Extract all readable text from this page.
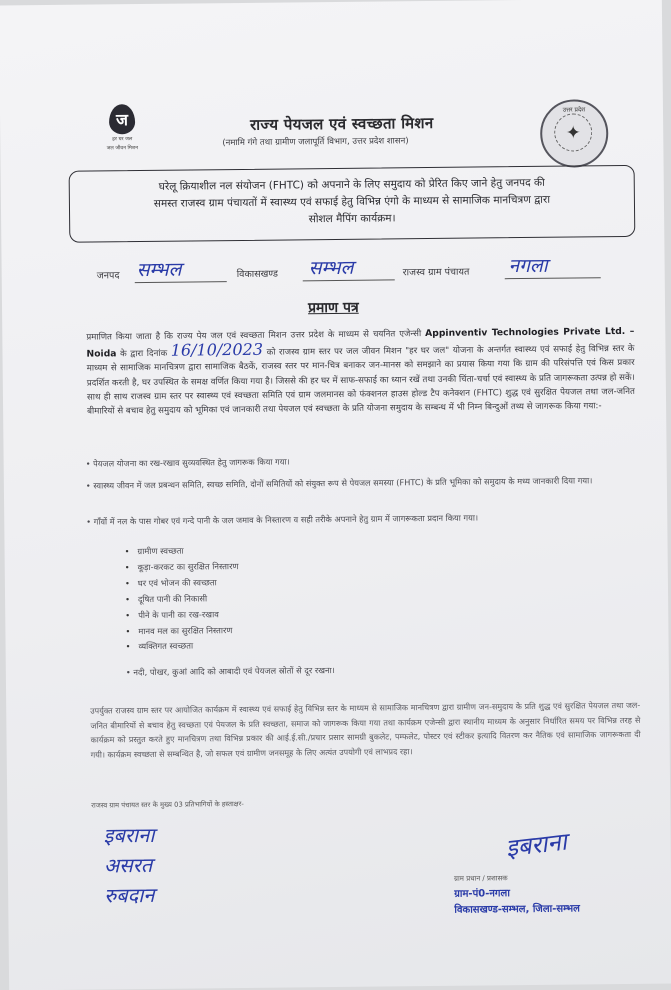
ज
हर घर जल
जल जीवन मिशन
राज्य पेयजल एवं स्वच्छता मिशन
(नमामि गंगे तथा ग्रामीण जलापूर्ति विभाग, उत्तर प्रदेश शासन)
उत्तर प्रदेश
✦
घरेलू क्रियाशील नल संयोजन (FHTC) को अपनाने के लिए समुदाय को प्रेरित किए जाने हेतु जनपद की
समस्त राजस्व ग्राम पंचायतों में स्वास्थ्य एवं सफाई हेतु विभिन्न एंगो के माध्यम से सामाजिक मानचित्रण द्वारा
सोशल मैपिंग कार्यक्रम।
जनपद सम्भल	विकासखण्ड सम्भल	राजस्व ग्राम पंचायत नगला
प्रमाण पत्र
प्रमाणित किया जाता है कि राज्य पेय जल एवं स्वच्छता मिशन उत्तर प्रदेश के माध्यम से चयनित एजेन्सी Appinventiv Technologies Private Ltd. – Noida के द्वारा दिनांक 16/10/2023 को राजस्व ग्राम स्तर पर जल जीवन मिशन "हर घर जल" योजना के अन्तर्गत स्वास्थ्य एवं सफाई हेतु विभिन्न स्तर के माध्यम से सामाजिक मानचित्रण द्वारा सामाजिक बैठकें, राजस्व स्तर पर मान-चित्र बनाकर जन-मानस को समझाने का प्रयास किया गया कि ग्राम की परिसंपत्ति एवं किस प्रकार प्रदर्शित करती है, घर उपस्थित के समक्ष वर्णित किया गया है। जिससे की हर घर में साफ-सफाई का ध्यान रखें तथा उनकी चिंता-चर्चा एवं स्वास्थ्य के प्रति जागरूकता उत्पन्न हो सकें। साथ ही साथ राजस्व ग्राम स्तर पर स्वास्थ्य एवं स्वच्छता समिति एवं ग्राम जलमानस को फंक्शनल हाउस होल्ड टैप कनेक्शन (FHTC) शुद्ध एवं सुरक्षित पेयजल तथा जल-जनित बीमारियों से बचाव हेतु समुदाय को भूमिका एवं जानकारी तथा पेयजल एवं स्वच्छता के प्रति योजना समुदाय के सम्बन्ध में भी निम्न बिन्दुओं तथ्य से जागरूक किया गया:-
• पेयजल योजना का रख-रखाव सुव्यवस्थित हेतु जागरूक किया गया।
• स्वास्थ्य जीवन में जल प्रबन्धन समिति, स्वच्छ समिति, दोनों समितियों को संयुक्त रूप से पेयजल समस्या (FHTC) के प्रति भूमिका को समुदाय के मध्य जानकारी दिया गया।
• गाँवों में नल के पास गोबर एवं गन्दे पानी के जल जमाव के निस्तारण व सही तरीके अपनाने हेतु ग्राम में जागरूकता प्रदान किया गया।
• ग्रामीण स्वच्छता
• कूड़ा-करकट का सुरक्षित निस्तारण
• घर एवं भोजन की स्वच्छता
• दूषित पानी की निकासी
• पीने के पानी का रख-रखाव
• मानव मल का सुरक्षित निस्तारण
• व्यक्तिगत स्वच्छता
• नदी, पोखर, कुआं आदि को आबादी एवं पेयजल स्रोतों से दूर रखना।
उपर्युक्त राजस्व ग्राम स्तर पर आयोजित कार्यक्रम में स्वास्थ्य एवं सफाई हेतु विभिन्न स्तर के माध्यम से सामाजिक मानचित्रण द्वारा ग्रामीण जन-समुदाय के प्रति शुद्ध एवं सुरक्षित पेयजल तथा जल-जनित बीमारियों से बचाव हेतु स्वच्छता एवं पेयजल के प्रति स्वच्छता, समाज को जागरूक किया गया तथा कार्यक्रम एजेन्सी द्वारा स्थानीय माध्यम के अनुसार निर्धारित समय पर विभिन्न तरह से कार्यक्रम को प्रस्तुत करते हुए मानचित्रण तथा विभिन्न प्रकार की आई.ई.सी./प्रचार प्रसार सामग्री बुकलेट, पम्फलेट, पोस्टर एवं स्टीकर इत्यादि वितरण कर नैतिक एवं सामाजिक जागरूकता दी गयी। कार्यक्रम स्वच्छता से सम्बन्धित है, जो सफल एवं ग्रामीण जनसमूह के लिए अत्यंत उपयोगी एवं लाभप्रद रहा।
राजस्व ग्राम पंचायत स्तर के मुख्य 03 प्रतिभागियों के हस्ताक्षर-
इबराना
असरत
रुबदान
इबराना
ग्राम प्रधान / प्रशासक
ग्राम-पं0-नगला
विकासखण्ड-सम्भल, जिला-सम्भल
